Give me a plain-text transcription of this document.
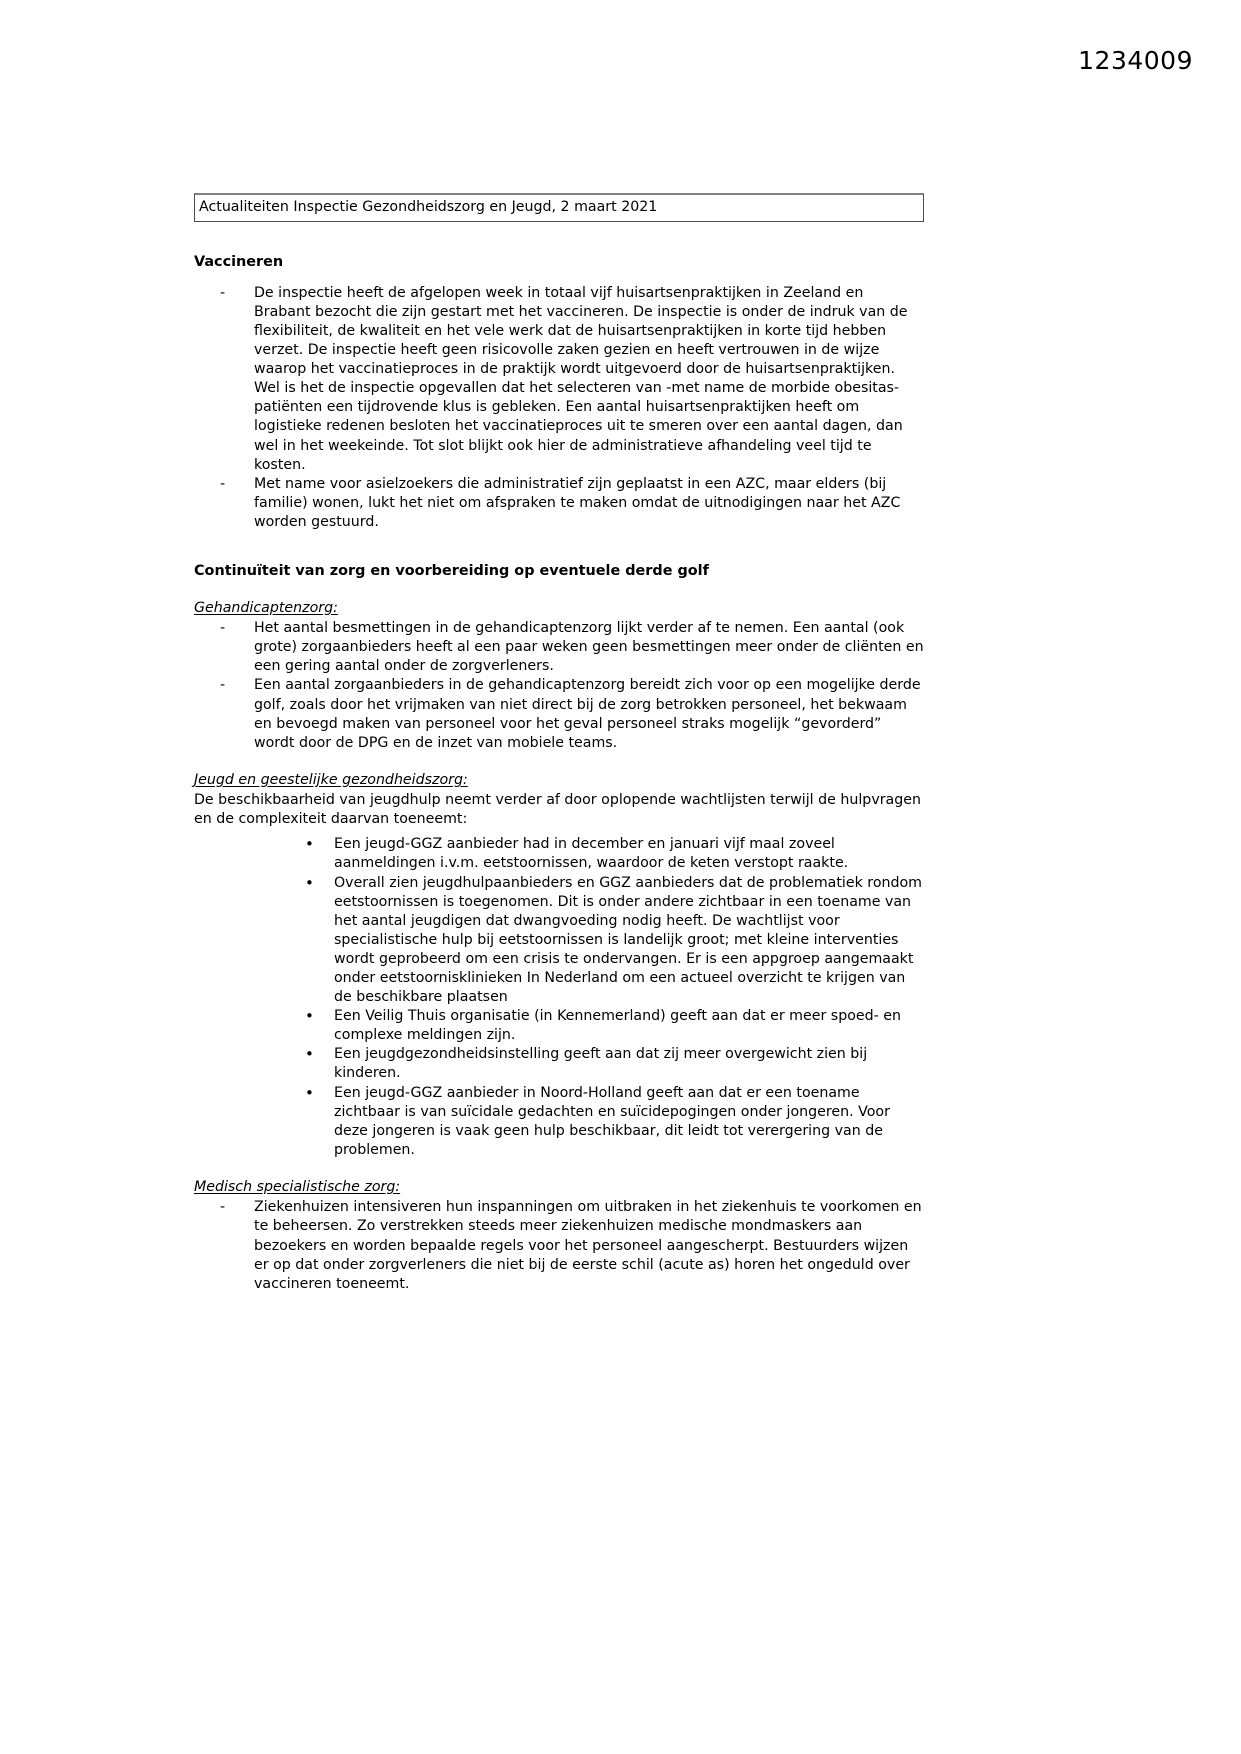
1234009
Actualiteiten Inspectie Gezondheidszorg en Jeugd, 2 maart 2021
Vaccineren
- De inspectie heeft de afgelopen week in totaal vijf huisartsenpraktijken in Zeeland en Brabant bezocht die zijn gestart met het vaccineren. De inspectie is onder de indruk van de flexibiliteit, de kwaliteit en het vele werk dat de huisartsenpraktijken in korte tijd hebben verzet. De inspectie heeft geen risicovolle zaken gezien en heeft vertrouwen in de wijze waarop het vaccinatieproces in de praktijk wordt uitgevoerd door de huisartsenpraktijken. Wel is het de inspectie opgevallen dat het selecteren van -met name de morbide obesitas- patiënten een tijdrovende klus is gebleken. Een aantal huisartsenpraktijken heeft om logistieke redenen besloten het vaccinatieproces uit te smeren over een aantal dagen, dan wel in het weekeinde. Tot slot blijkt ook hier de administratieve afhandeling veel tijd te kosten.
- Met name voor asielzoekers die administratief zijn geplaatst in een AZC, maar elders (bij familie) wonen, lukt het niet om afspraken te maken omdat de uitnodigingen naar het AZC worden gestuurd.
Continuïteit van zorg en voorbereiding op eventuele derde golf
Gehandicaptenzorg:
- Het aantal besmettingen in de gehandicaptenzorg lijkt verder af te nemen. Een aantal (ook grote) zorgaanbieders heeft al een paar weken geen besmettingen meer onder de cliënten en een gering aantal onder de zorgverleners.
- Een aantal zorgaanbieders in de gehandicaptenzorg bereidt zich voor op een mogelijke derde golf, zoals door het vrijmaken van niet direct bij de zorg betrokken personeel, het bekwaam en bevoegd maken van personeel voor het geval personeel straks mogelijk “gevorderd” wordt door de DPG en de inzet van mobiele teams.
Jeugd en geestelijke gezondheidszorg:

De beschikbaarheid van jeugdhulp neemt verder af door oplopende wachtlijsten terwijl de hulpvragen en de complexiteit daarvan toeneemt:

• Een jeugd-GGZ aanbieder had in december en januari vijf maal zoveel aanmeldingen i.v.m. eetstoornissen, waardoor de keten verstopt raakte.
• Overall zien jeugdhulpaanbieders en GGZ aanbieders dat de problematiek rondom eetstoornissen is toegenomen. Dit is onder andere zichtbaar in een toename van het aantal jeugdigen dat dwangvoeding nodig heeft. De wachtlijst voor specialistische hulp bij eetstoornissen is landelijk groot; met kleine interventies wordt geprobeerd om een crisis te ondervangen. Er is een appgroep aangemaakt onder eetstoornisklinieken In Nederland om een actueel overzicht te krijgen van de beschikbare plaatsen
• Een Veilig Thuis organisatie (in Kennemerland) geeft aan dat er meer spoed- en complexe meldingen zijn.
• Een jeugdgezondheidsinstelling geeft aan dat zij meer overgewicht zien bij kinderen.
• Een jeugd-GGZ aanbieder in Noord-Holland geeft aan dat er een toename zichtbaar is van suïcidale gedachten en suïcidepogingen onder jongeren. Voor deze jongeren is vaak geen hulp beschikbaar, dit leidt tot verergering van de problemen.
Medisch specialistische zorg:
- Ziekenhuizen intensiveren hun inspanningen om uitbraken in het ziekenhuis te voorkomen en te beheersen. Zo verstrekken steeds meer ziekenhuizen medische mondmaskers aan bezoekers en worden bepaalde regels voor het personeel aangescherpt. Bestuurders wijzen er op dat onder zorgverleners die niet bij de eerste schil (acute as) horen het ongeduld over vaccineren toeneemt.
